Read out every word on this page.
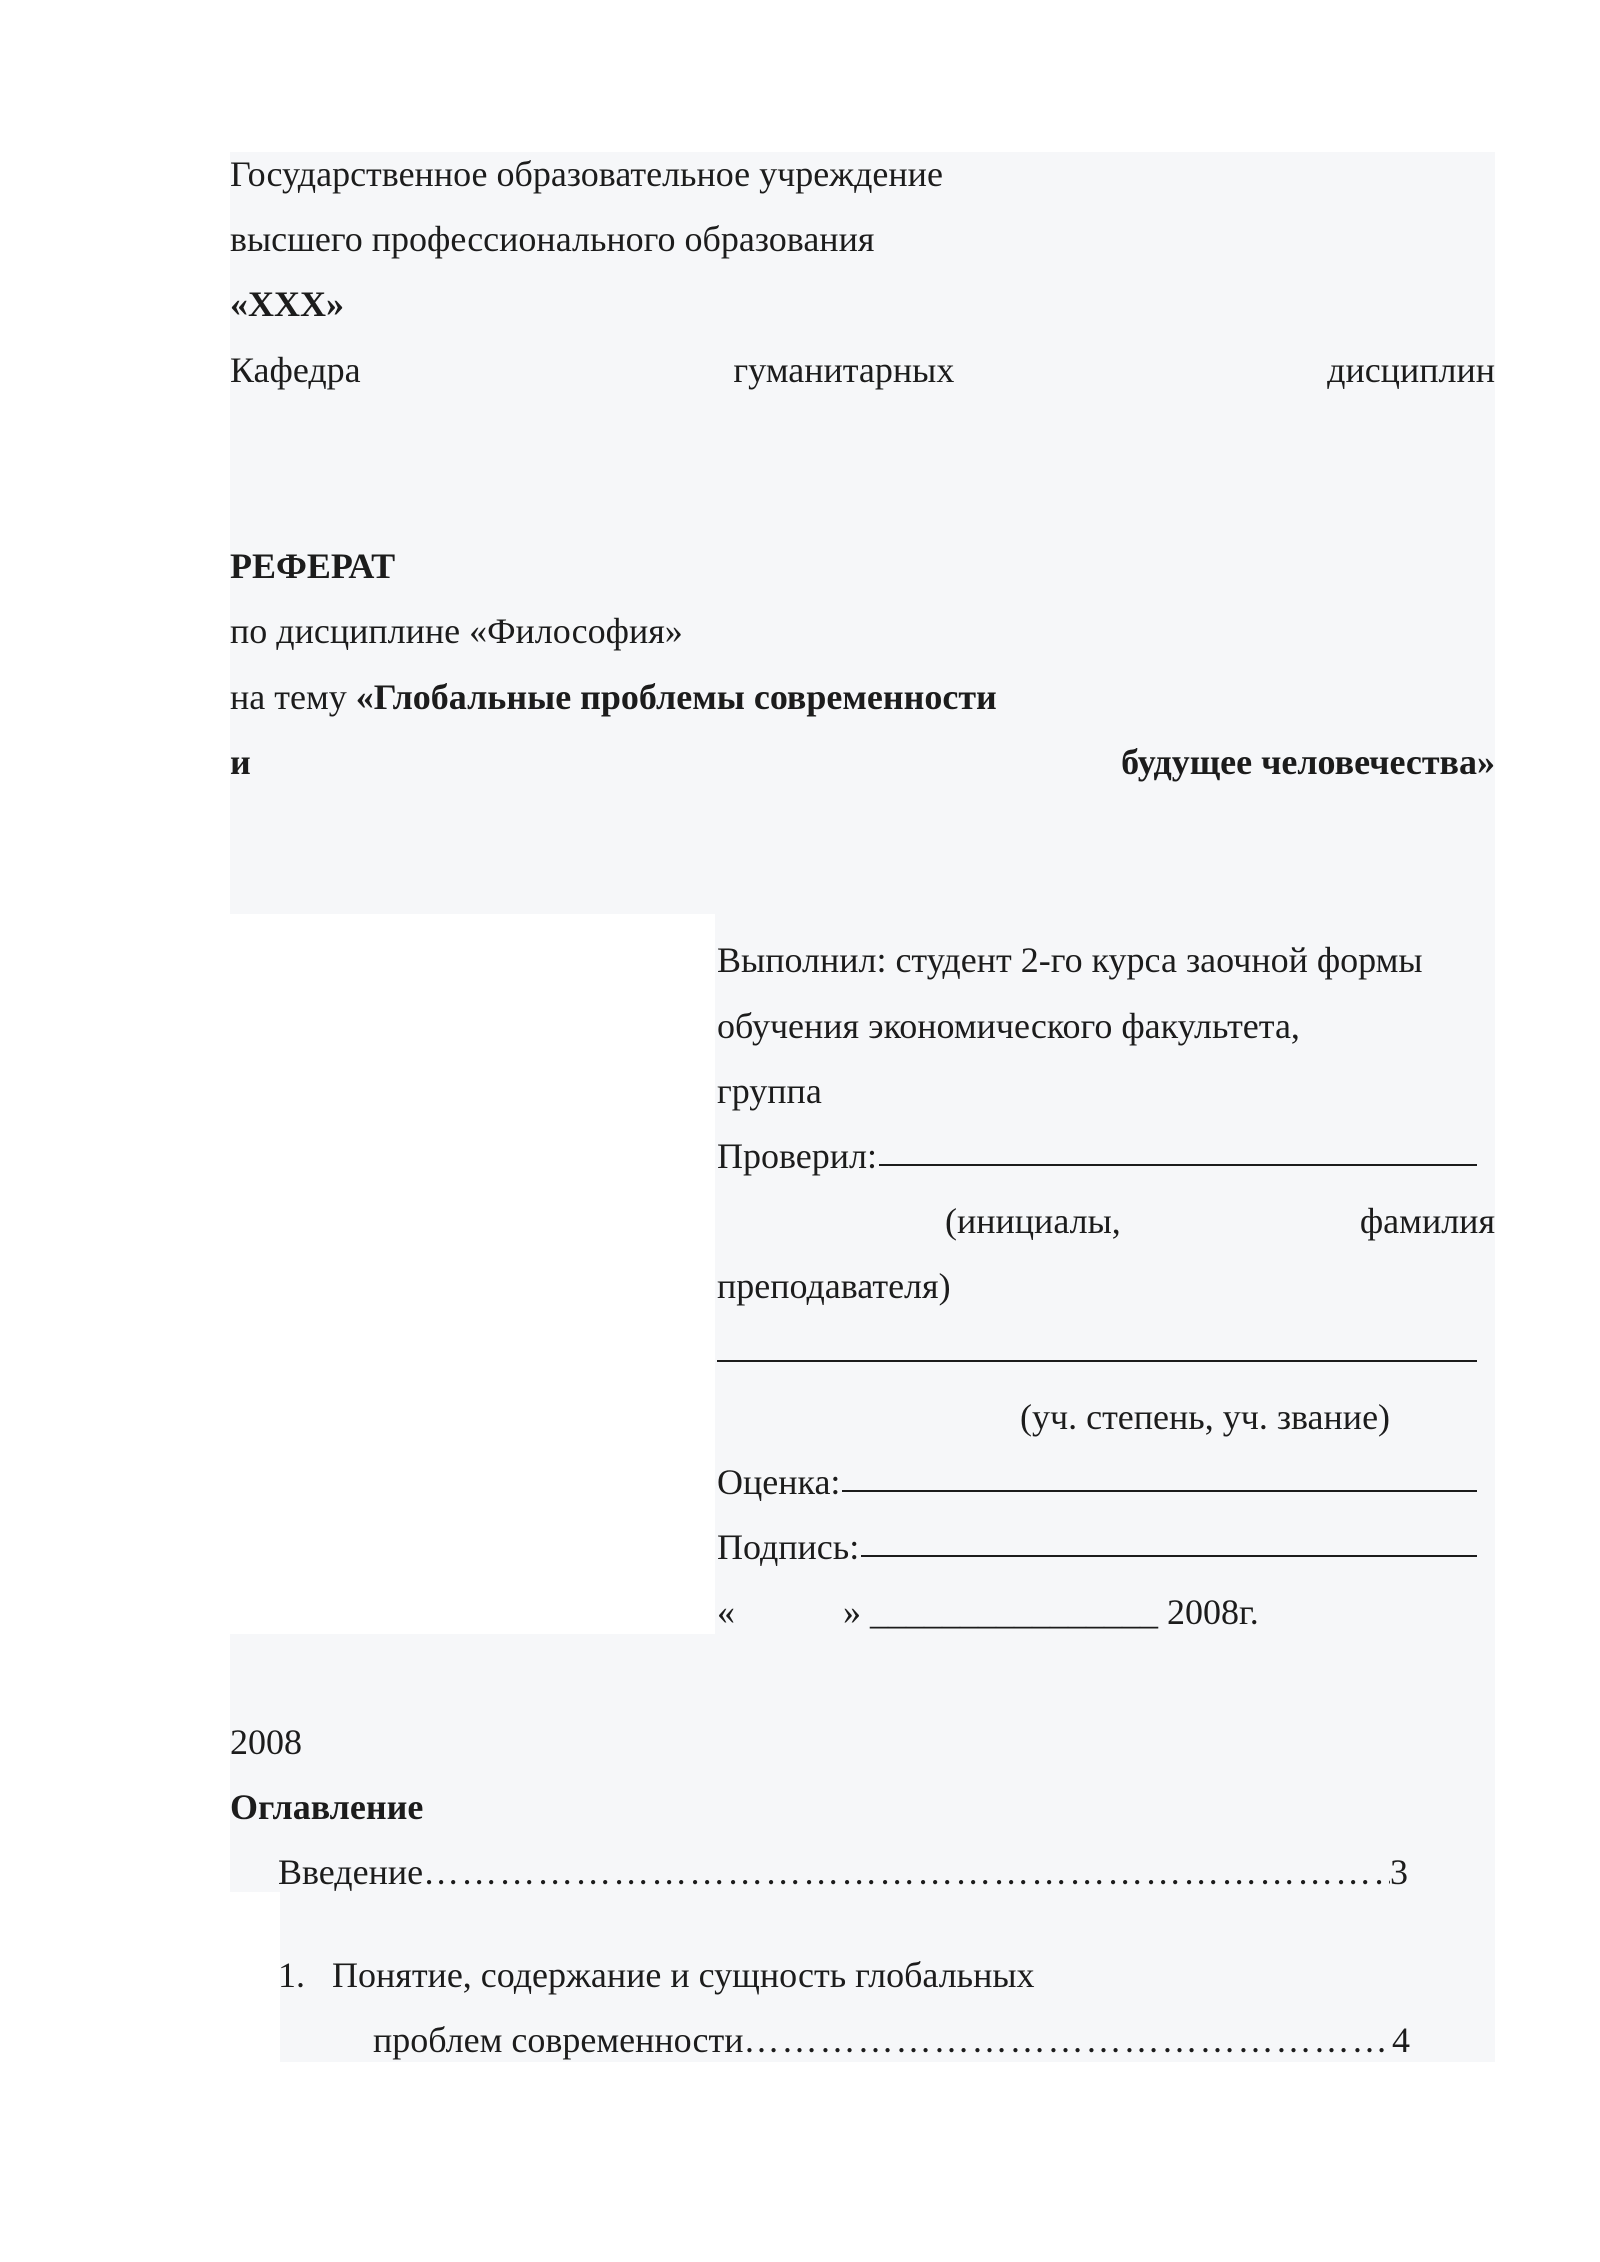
Государственное образовательное учреждение
высшего профессионального образования
«XXX»
Кафедра	гуманитарных	дисциплин
РЕФЕРАТ
по дисциплине «Философия»
на тему «Глобальные проблемы современности
и	будущее человечества»
Выполнил: студент 2-го курса заочной формы
обучения экономического факультета,
группа
Проверил:
(инициалы,	фамилия
преподавателя)
(уч. степень, уч. звание)
Оценка:
Подпись:
«	» ________________ 2008г.
2008
Оглавление
Введение ……………………………………………………………………………………………………………	3
1. Понятие, содержание и сущность глобальных
проблем современности ……………………………………………………………………………………………………………	4
